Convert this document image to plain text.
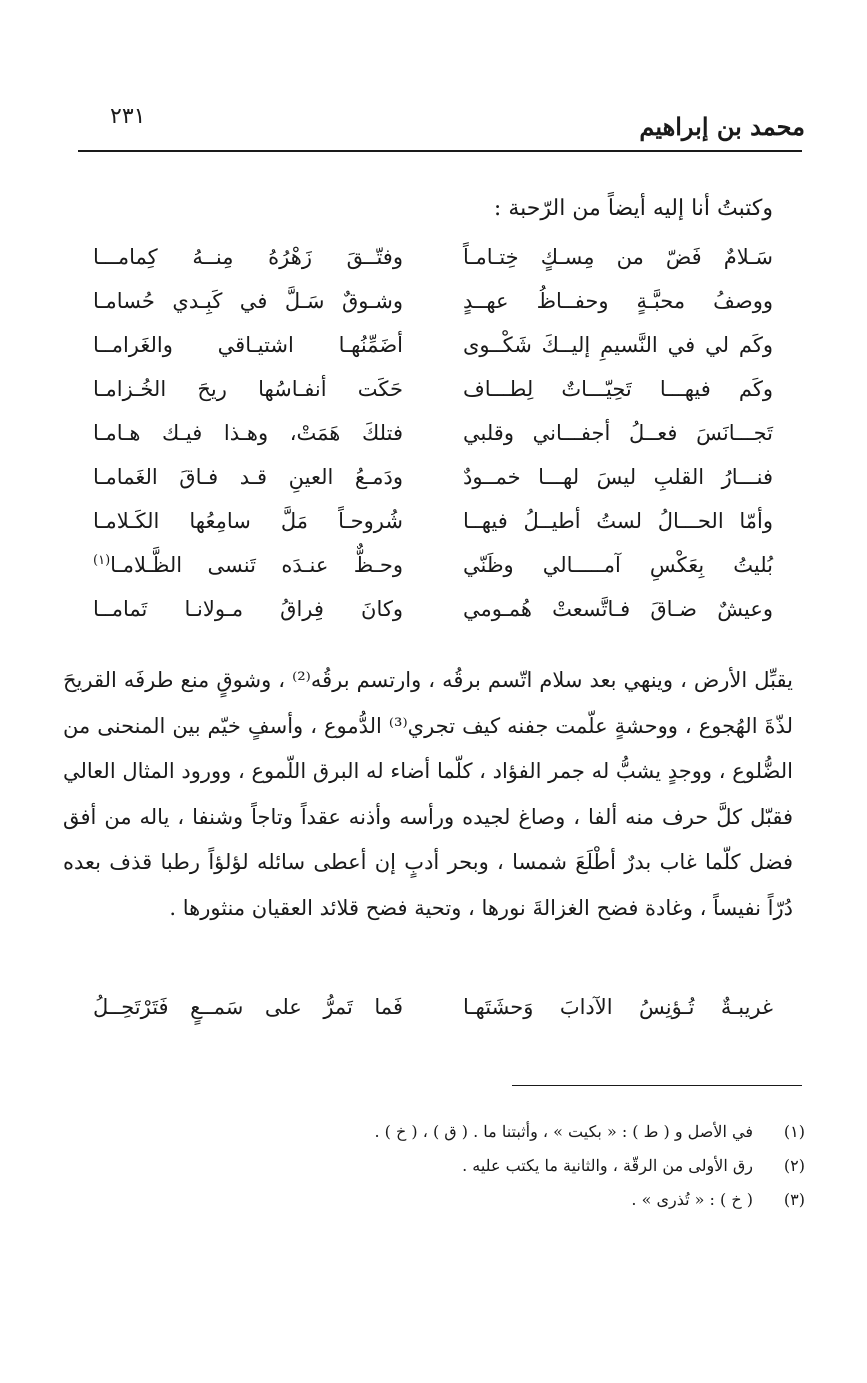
محمد بن إبراهيم
٢٣١
وكتبتُ أنا إليه أيضاً من الرّحبة :
سَـلامٌ فَضّ من مِسـكٍ خِتـامـاً
وفتّــقَ زَهْرُهُ مِنــهُ كِمامـــا
ووصفُ محبَّـةٍ وحفــاظُ عهــدٍ
وشـوقٌ سَـلَّ في كَبِـدي حُسامـا
وكَم لي في النَّسيمِ إليــكَ شَكْــوى
أضَمِّنُهـا اشتيـاقي والغَرامــا
وكَم فيهـــا تَحِيّـــاتٌ لِطـــاف
حَكَت أنفـاسُها ريحَ الخُـزامـا
تَجـــانَسَ فعــلُ أجفـــاني وقلبي
فتلكَ هَمَتْ، وهـذا فيـك هـامـا
فنـــارُ القلبِ ليسَ لهـــا خمــودٌ
ودَمـعُ العينِ قـد فـاقَ الغَمامـا
وأمّا الحـــالُ لستُ أطيــلُ فيهــا
شُروحـاً مَلَّ سامِعُها الكَـلامـا
بُليتُ بِعَكْسِ آمـــــالي وظَنّي
وحـظٌّ عنـدَه تَنسى الظَّـلامـا$^{(١)}$
وعيشٌ ضـاقَ فـاتَّسعتْ هُمـومي
وكانَ فِراقُ مـولانـا تَمامــا
يقبِّل الأرض ، وينهي بعد سلام اتّسم برقُه ، وارتسم برقُه⁽²⁾ ، وشوقٍ منع طرفَه القريحَ لذّةَ الهُجوع ، ووحشةٍ علّمت جفنه كيف تجري⁽³⁾ الدُّموع ، وأسفٍ خيّم بين المنحنى من الضُّلوع ، ووجدٍ يشبُّ له جمر الفؤاد ، كلّما أضاء له البرق اللّموع ، وورود المثال العالي فقبّل كلَّ حرف منه ألفا ، وصاغ لجيده ورأسه وأذنه عقداً وتاجاً وشنفا ، ياله من أفق فضل كلّما غاب بدرٌ أطْلَعَ شمسا ، وبحر أدبٍ إن أعطى سائله لؤلؤاً رطبا قذف بعده دُرّاً نفيساً ، وغادة فضح الغزالةَ نورها ، وتحية فضح قلائد العقيان منثورها .
غريبـةٌ تُـؤنِسُ الآدابَ وَحشَتَهـا
فَما تَمرُّ على سَمــعٍ فَتَرْتَحِــلُ
(١)
في الأصل و ( ط ) : « بكيت » ، وأثبتنا ما . ( ق ) ، ( خ ) .
(٢)
رق الأولى من الرقّة ، والثانية ما يكتب عليه .
(٣)
( خ ) : « تُذرى » .
